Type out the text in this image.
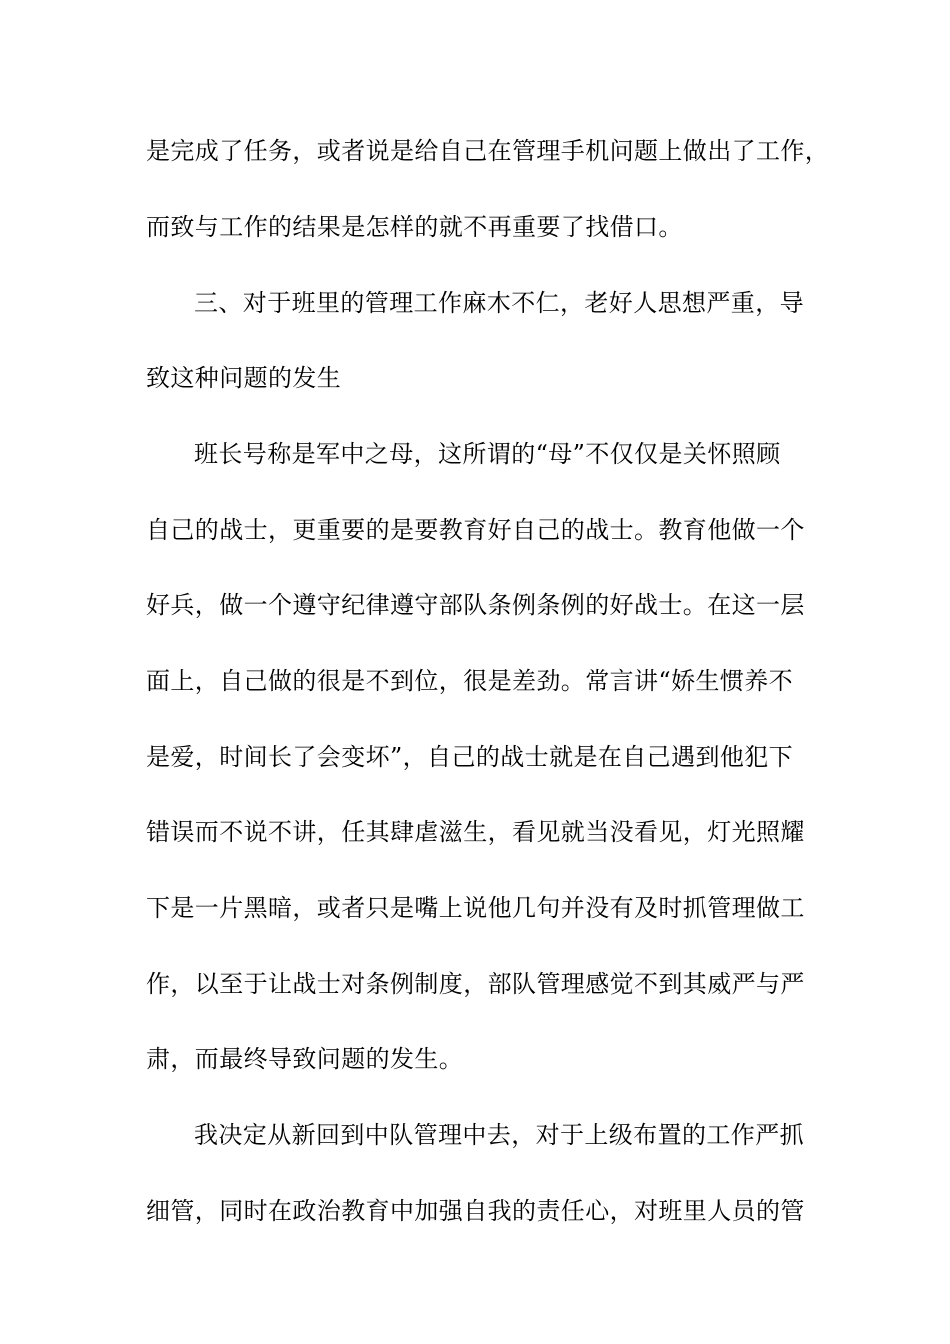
是完成了任务，或者说是给自己在管理手机问题上做出了工作，
而致与工作的结果是怎样的就不再重要了找借口。
三、对于班里的管理工作麻木不仁，老好人思想严重，导
致这种问题的发生
班长号称是军中之母，这所谓的“母”不仅仅是关怀照顾
自己的战士，更重要的是要教育好自己的战士。教育他做一个
好兵，做一个遵守纪律遵守部队条例条例的好战士。在这一层
面上，自己做的很是不到位，很是差劲。常言讲“娇生惯养不
是爱，时间长了会变坏”，自己的战士就是在自己遇到他犯下
错误而不说不讲，任其肆虐滋生，看见就当没看见，灯光照耀
下是一片黑暗，或者只是嘴上说他几句并没有及时抓管理做工
作，以至于让战士对条例制度，部队管理感觉不到其威严与严
肃，而最终导致问题的发生。
我决定从新回到中队管理中去，对于上级布置的工作严抓
细管，同时在政治教育中加强自我的责任心，对班里人员的管
